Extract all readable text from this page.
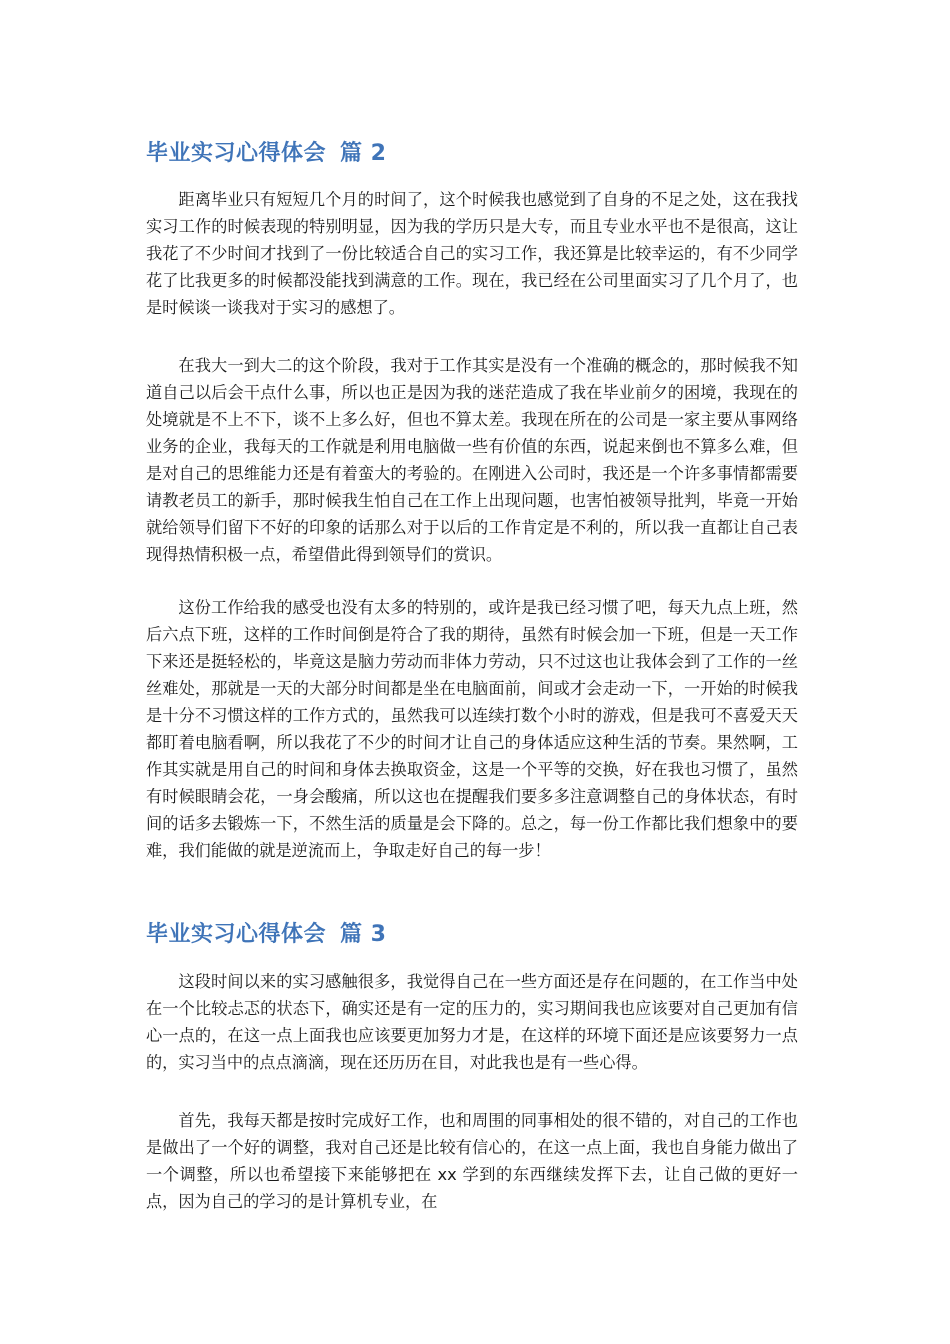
毕业实习心得体会 篇 2

距离毕业只有短短几个月的时间了，这个时候我也感觉到了自身的不足之处，这在我找实习工作的时候表现的特别明显，因为我的学历只是大专，而且专业水平也不是很高，这让我花了不少时间才找到了一份比较适合自己的实习工作，我还算是比较幸运的，有不少同学花了比我更多的时候都没能找到满意的工作。现在，我已经在公司里面实习了几个月了，也是时候谈一谈我对于实习的感想了。

在我大一到大二的这个阶段，我对于工作其实是没有一个准确的概念的，那时候我不知道自己以后会干点什么事，所以也正是因为我的迷茫造成了我在毕业前夕的困境，我现在的处境就是不上不下，谈不上多么好，但也不算太差。我现在所在的公司是一家主要从事网络业务的企业，我每天的工作就是利用电脑做一些有价值的东西，说起来倒也不算多么难，但是对自己的思维能力还是有着蛮大的考验的。在刚进入公司时，我还是一个许多事情都需要请教老员工的新手，那时候我生怕自己在工作上出现问题，也害怕被领导批判，毕竟一开始就给领导们留下不好的印象的话那么对于以后的工作肯定是不利的，所以我一直都让自己表现得热情积极一点，希望借此得到领导们的赏识。

这份工作给我的感受也没有太多的特别的，或许是我已经习惯了吧，每天九点上班，然后六点下班，这样的工作时间倒是符合了我的期待，虽然有时候会加一下班，但是一天工作下来还是挺轻松的，毕竟这是脑力劳动而非体力劳动，只不过这也让我体会到了工作的一丝丝难处，那就是一天的大部分时间都是坐在电脑面前，间或才会走动一下，一开始的时候我是十分不习惯这样的工作方式的，虽然我可以连续打数个小时的游戏，但是我可不喜爱天天都盯着电脑看啊，所以我花了不少的时间才让自己的身体适应这种生活的节奏。果然啊，工作其实就是用自己的时间和身体去换取资金，这是一个平等的交换，好在我也习惯了，虽然有时候眼睛会花，一身会酸痛，所以这也在提醒我们要多多注意调整自己的身体状态，有时间的话多去锻炼一下，不然生活的质量是会下降的。总之，每一份工作都比我们想象中的要难，我们能做的就是逆流而上，争取走好自己的每一步！

毕业实习心得体会 篇 3

这段时间以来的实习感触很多，我觉得自己在一些方面还是存在问题的，在工作当中处在一个比较忐忑的状态下，确实还是有一定的压力的，实习期间我也应该要对自己更加有信心一点的，在这一点上面我也应该要更加努力才是，在这样的环境下面还是应该要努力一点的，实习当中的点点滴滴，现在还历历在目，对此我也是有一些心得。

首先，我每天都是按时完成好工作，也和周围的同事相处的很不错的，对自己的工作也是做出了一个好的调整，我对自己还是比较有信心的，在这一点上面，我也自身能力做出了一个调整，所以也希望接下来能够把在 xx 学到的东西继续发挥下去，让自己做的更好一点，因为自己的学习的是计算机专业，在
